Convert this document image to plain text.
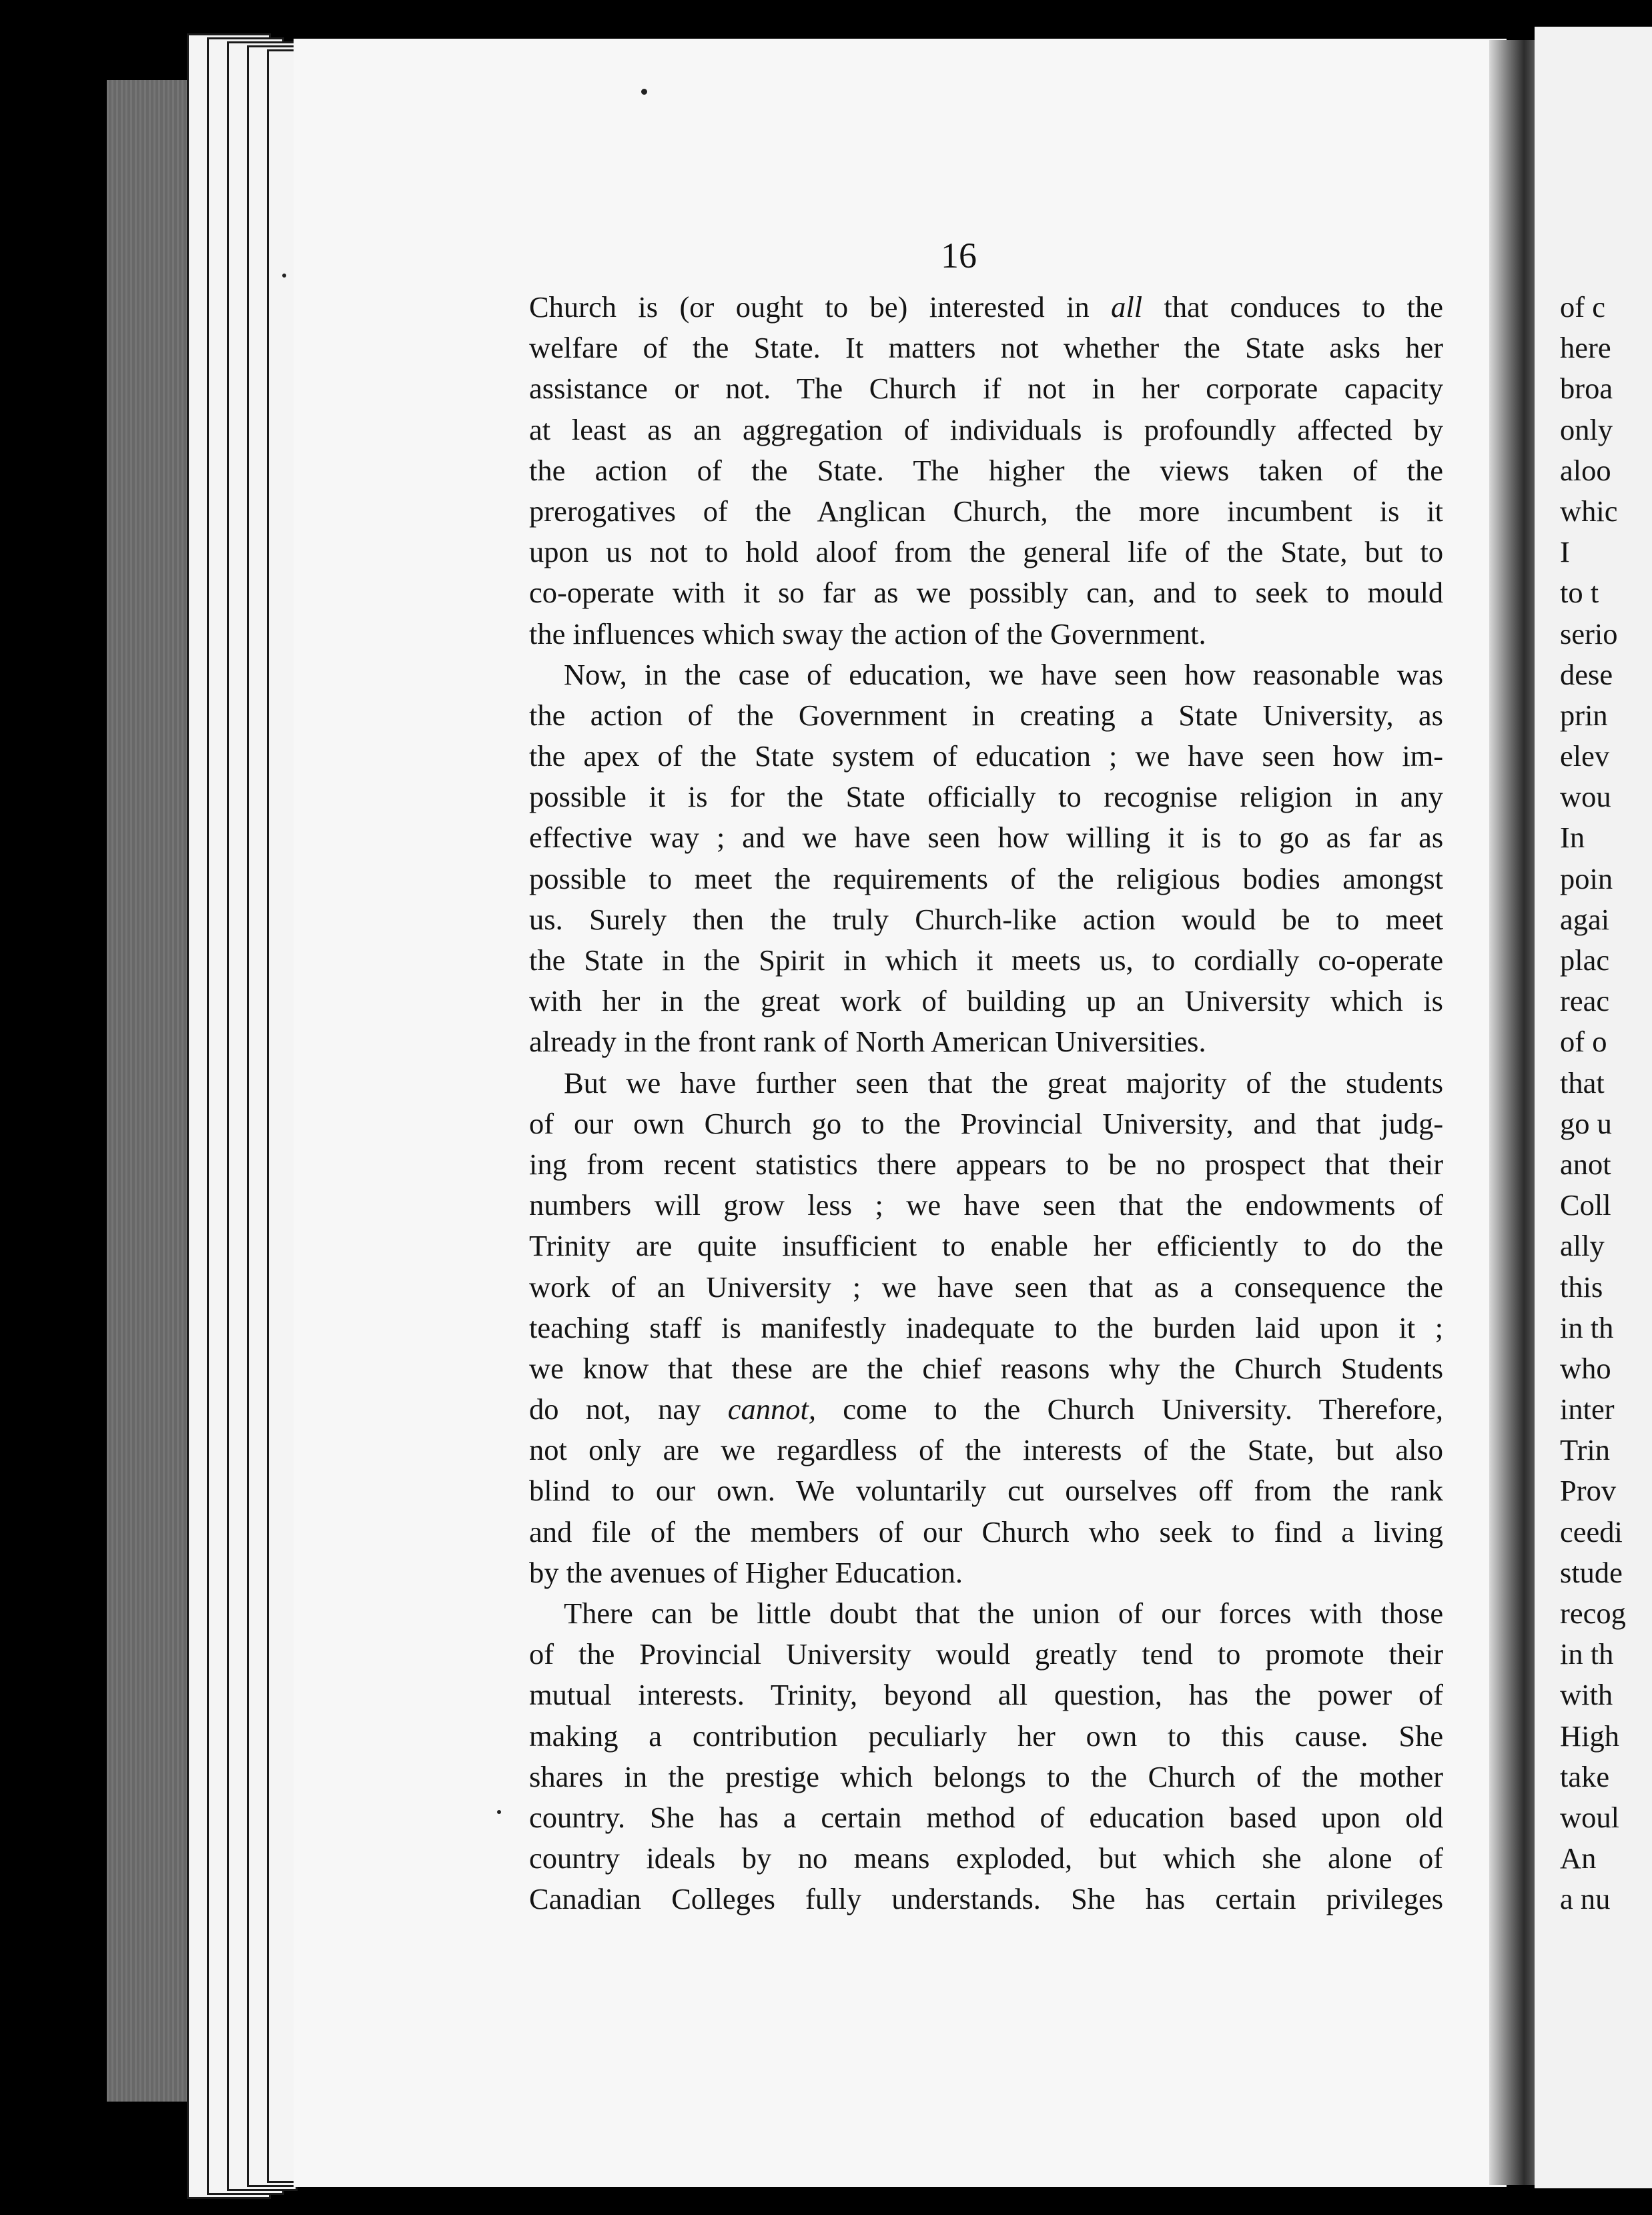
16
Church is (or ought to be) interested in all that conduces to the
welfare of the State. It matters not whether the State asks her
assistance or not. The Church if not in her corporate capacity
at least as an aggregation of individuals is profoundly affected by
the action of the State. The higher the views taken of the
prerogatives of the Anglican Church, the more incumbent is it
upon us not to hold aloof from the general life of the State, but to
co-operate with it so far as we possibly can, and to seek to mould
the influences which sway the action of the Government.
Now, in the case of education, we have seen how reasonable was
the action of the Government in creating a State University, as
the apex of the State system of education ; we have seen how im-
possible it is for the State officially to recognise religion in any
effective way ; and we have seen how willing it is to go as far as
possible to meet the requirements of the religious bodies amongst
us. Surely then the truly Church-like action would be to meet
the State in the Spirit in which it meets us, to cordially co-operate
with her in the great work of building up an University which is
already in the front rank of North American Universities.
But we have further seen that the great majority of the students
of our own Church go to the Provincial University, and that judg-
ing from recent statistics there appears to be no prospect that their
numbers will grow less ; we have seen that the endowments of
Trinity are quite insufficient to enable her efficiently to do the
work of an University ; we have seen that as a consequence the
teaching staff is manifestly inadequate to the burden laid upon it ;
we know that these are the chief reasons why the Church Students
do not, nay cannot, come to the Church University. Therefore,
not only are we regardless of the interests of the State, but also
blind to our own. We voluntarily cut ourselves off from the rank
and file of the members of our Church who seek to find a living
by the avenues of Higher Education.
There can be little doubt that the union of our forces with those
of the Provincial University would greatly tend to promote their
mutual interests. Trinity, beyond all question, has the power of
making a contribution peculiarly her own to this cause. She
shares in the prestige which belongs to the Church of the mother
country. She has a certain method of education based upon old
country ideals by no means exploded, but which she alone of
Canadian Colleges fully understands. She has certain privileges
of c
here
broa
only
aloo
whic
I
to t
serio
dese
prin
elev
wou
In
poin
agai
plac
reac
of o
that
go u
anot
Coll
ally
this
in th
who
inter
Trin
Prov
ceedi
stude
recog
in th
with
High
take
woul
An
a nu
